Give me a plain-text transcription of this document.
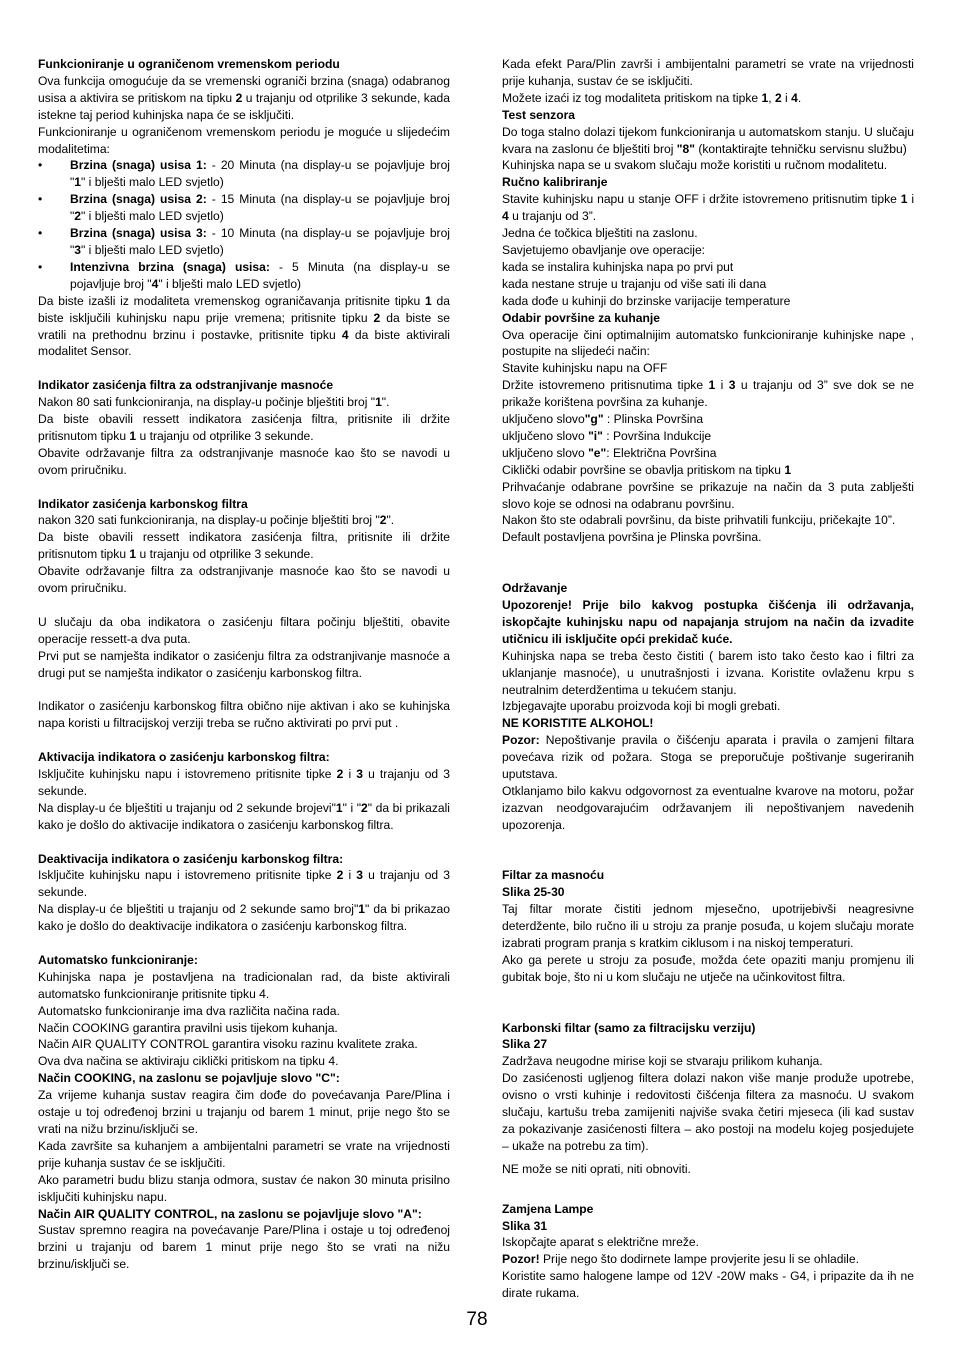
Funkcioniranje u ograničenom vremenskom periodu

Ova funkcija omogućuje da se vremenski ograniči brzina (snaga) odabranog usisa a aktivira se pritiskom na tipku 2 u trajanju od otprilike 3 sekunde, kada istekne taj period kuhinjska napa će se isključiti.

Funkcioniranje u ograničenom vremenskom periodu je moguće u slijedećim modalitetima:

•	Brzina (snaga) usisa 1: - 20 Minuta (na display-u se pojavljuje broj "1" i blješti malo LED svjetlo)
•	Brzina (snaga) usisa 2: - 15 Minuta (na display-u se pojavljuje broj "2" i blješti malo LED svjetlo)
•	Brzina (snaga) usisa 3: - 10 Minuta (na display-u se pojavljuje broj "3" i blješti malo LED svjetlo)
•	Intenzivna brzina (snaga) usisa: - 5 Minuta (na display-u se pojavljuje broj "4" i blješti malo LED svjetlo)

Da biste izašli iz modaliteta vremenskog ograničavanja pritisnite tipku 1 da biste isključili kuhinjsku napu prije vremena; pritisnite tipku 2 da biste se vratili na prethodnu brzinu i postavke, pritisnite tipku 4 da biste aktivirali modalitet Sensor.

Indikator zasićenja filtra za odstranjivanje masnoće

Nakon 80 sati funkcioniranja, na display-u počinje blještiti broj "1".

Da biste obavili ressett indikatora zasićenja filtra, pritisnite ili držite pritisnutom tipku 1 u trajanju od otprilike 3 sekunde.

Obavite održavanje filtra za odstranjivanje masnoće kao što se navodi u ovom priručniku.

Indikator zasićenja karbonskog filtra

nakon 320 sati funkcioniranja, na display-u počinje blještiti broj "2".

Da biste obavili ressett indikatora zasićenja filtra, pritisnite ili držite pritisnutom tipku 1 u trajanju od otprilike 3 sekunde.

Obavite održavanje filtra za odstranjivanje masnoće kao što se navodi u ovom priručniku.

U slučaju da oba indikatora o zasićenju filtara počinju blještiti, obavite operacije ressett-a dva puta.

Prvi put se namješta indikator o zasićenju filtra za odstranjivanje masnoće a drugi put se namješta indikator o zasićenju karbonskog filtra.

Indikator o zasićenju karbonskog filtra obično nije aktivan i ako se kuhinjska napa koristi u filtracijskoj verziji treba se ručno aktivirati po prvi put .

Aktivacija indikatora o zasićenju karbonskog filtra:

Isključite kuhinjsku napu i istovremeno pritisnite tipke 2 i 3 u trajanju od 3 sekunde.

Na display-u će blještiti u trajanju od 2 sekunde brojevi"1" i "2" da bi prikazali kako je došlo do aktivacije indikatora o zasićenju karbonskog filtra.

Deaktivacija indikatora o zasićenju karbonskog filtra:

Isključite kuhinjsku napu i istovremeno pritisnite tipke 2 i 3 u trajanju od 3 sekunde.

Na display-u će blještiti u trajanju od 2 sekunde samo broj"1" da bi prikazao kako je došlo do deaktivacije indikatora o zasićenju karbonskog filtra.

Automatsko funkcioniranje:

Kuhinjska napa je postavljena na tradicionalan rad, da biste aktivirali automatsko funkcioniranje pritisnite tipku 4.

Automatsko funkcioniranje ima dva različita načina rada.

Način COOKING garantira pravilni usis tijekom kuhanja.

Način AIR QUALITY CONTROL garantira visoku razinu kvalitete zraka.

Ova dva načina se aktiviraju ciklički pritiskom na tipku 4.

Način COOKING, na zaslonu se pojavljuje slovo "C":

Za vrijeme kuhanja sustav reagira čim dođe do povećavanja Pare/Plina i ostaje u toj određenoj brzini u trajanju od barem 1 minut, prije nego što se vrati na nižu brzinu/isključi se.

Kada završite sa kuhanjem a ambijentalni parametri se vrate na vrijednosti prije kuhanja sustav će se isključiti.

Ako parametri budu blizu stanja odmora, sustav će nakon 30 minuta prisilno isključiti kuhinjsku napu.

Način AIR QUALITY CONTROL, na zaslonu se pojavljuje slovo "A":

Sustav spremno reagira na povećavanje Pare/Plina i ostaje u toj određenoj brzini u trajanju od barem 1 minut prije nego što se vrati na nižu brzinu/isključi se.

Kada efekt Para/Plin završi i ambijentalni parametri se vrate na vrijednosti prije kuhanja, sustav će se isključiti.

Možete izaći iz tog modaliteta pritiskom na tipke 1, 2 i 4.

Test senzora

Do toga stalno dolazi tijekom funkcioniranja u automatskom stanju. U slučaju kvara na zaslonu će blještiti broj "8" (kontaktirajte tehničku servisnu službu)

Kuhinjska napa se u svakom slučaju može koristiti u ručnom modalitetu.

Ručno kalibriranje

Stavite kuhinjsku napu u stanje OFF i držite istovremeno pritisnutim tipke 1 i 4 u trajanju od 3”.

Jedna će točkica blještiti na zaslonu.

Savjetujemo obavljanje ove operacije:

kada se instalira kuhinjska napa po prvi put

kada nestane struje u trajanju od više sati ili dana

kada dođe u kuhinji do brzinske varijacije temperature

Odabir površine za kuhanje

Ova operacije čini optimalnijim automatsko funkcioniranje kuhinjske nape , postupite na slijedeći način:

Stavite kuhinjsku napu na OFF

Držite istovremeno pritisnutima tipke 1 i 3 u trajanju od 3” sve dok se ne prikaže korištena površina za kuhanje.

uključeno slovo"g" : Plinska Površina

uključeno slovo "i" : Površina Indukcije

uključeno slovo "e": Električna Površina

Ciklički odabir površine se obavlja pritiskom na tipku 1

Prihvaćanje odabrane površine se prikazuje na način da 3 puta zablješti slovo koje se odnosi na odabranu površinu.

Nakon što ste odabrali površinu, da biste prihvatili funkciju, pričekajte 10”.

Default postavljena površina je Plinska površina.

Održavanje

Upozorenje! Prije bilo kakvog postupka čišćenja ili održavanja, iskopčajte kuhinjsku napu od napajanja strujom na način da izvadite utičnicu ili isključite opći prekidač kuće.

Kuhinjska napa se treba često čistiti ( barem isto tako često kao i filtri za uklanjanje masnoće), u unutrašnjosti i izvana. Koristite ovlaženu krpu s neutralnim deterdžentima u tekućem stanju.

Izbjegavajte uporabu proizvoda koji bi mogli grebati.

NE KORISTITE ALKOHOL!

Pozor: Nepoštivanje pravila o čišćenju aparata i pravila o zamjeni filtara povećava rizik od požara. Stoga se preporučuje poštivanje sugeriranih uputstava.

Otklanjamo bilo kakvu odgovornost za eventualne kvarove na motoru, požar izazvan neodgovarajućim održavanjem ili nepoštivanjem navedenih upozorenja.

Filtar za masnoću

Slika 25-30

Taj filtar morate čistiti jednom mjesečno, upotrijebivši neagresivne deterdžente, bilo ručno ili u stroju za pranje posuđa, u kojem slučaju morate izabrati program pranja s kratkim ciklusom i na niskoj temperaturi.

Ako ga perete u stroju za posuđe, možda ćete opaziti manju promjenu ili gubitak boje, što ni u kom slučaju ne utječe na učinkovitost filtra.

Karbonski filtar (samo za filtracijsku verziju)

Slika 27

Zadržava neugodne mirise koji se stvaraju prilikom kuhanja.

Do zasićenosti ugljenog filtera dolazi nakon više manje produže upotrebe, ovisno o vrsti kuhinje i redovitosti čišćenja filtera za masnoću. U svakom slučaju, kartušu treba zamijeniti najviše svaka četiri mjeseca (ili kad sustav za pokazivanje zasićenosti filtera – ako postoji na modelu kojeg posjedujete – ukaže na potrebu za tim).

NE može se niti oprati, niti obnoviti.

Zamjena Lampe

Slika 31

Iskopčajte aparat s električne mreže.

Pozor! Prije nego što dodirnete lampe provjerite jesu li se ohladile.

Koristite samo halogene lampe od 12V -20W maks - G4, i pripazite da ih ne dirate rukama.

78
